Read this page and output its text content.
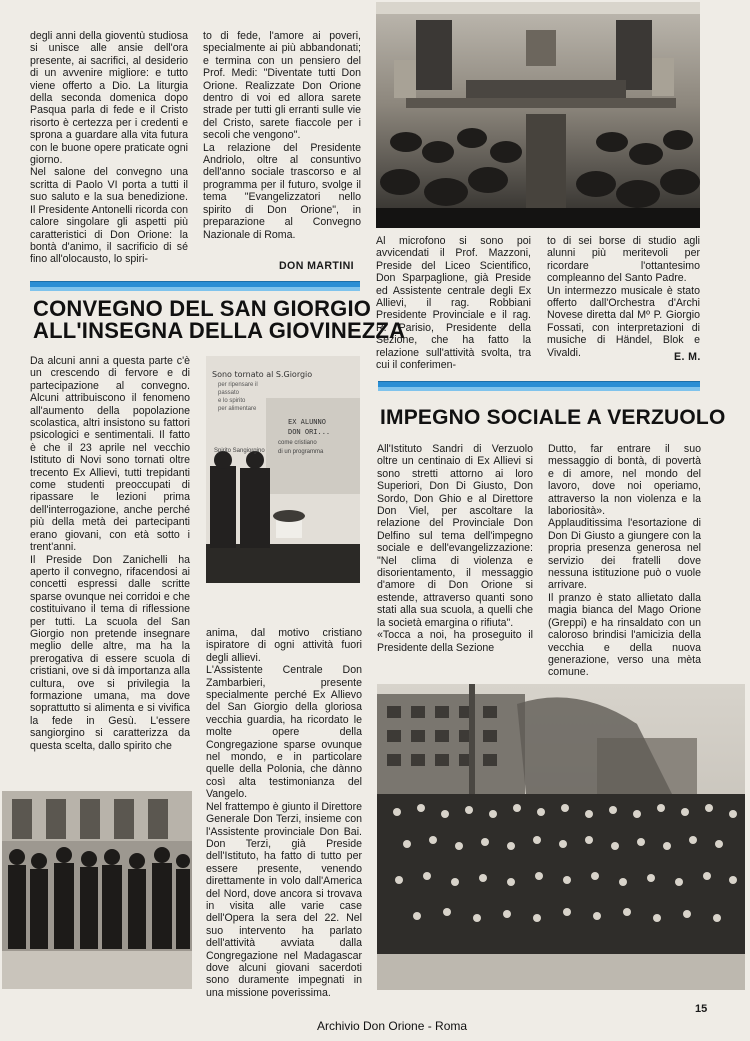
degli anni della gioventù studiosa si unisce alle ansie dell'ora presente, ai sacrifici, al desiderio di un avvenire migliore: e tutto viene offerto a Dio. La liturgia della seconda domenica dopo Pasqua parla di fede e il Cristo risorto è certezza per i credenti e sprona a guardare alla vita futura con le buone opere praticate ogni giorno.
Nel salone del convegno una scritta di Paolo VI porta a tutti il suo saluto e la sua benedizione. Il Presidente Antonelli ricorda con calore singolare gli aspetti più caratteristici di Don Orione: la bontà d'animo, il sacrificio di sé fino all'olocausto, lo spiri-

to di fede, l'amore ai poveri, specialmente ai più abbandonati; e termina con un pensiero del Prof. Medi: "Diventate tutti Don Orione. Realizzate Don Orione dentro di voi ed allora sarete strade per tutti gli erranti sulle vie del Cristo, sarete fiaccole per i secoli che vengono".
La relazione del Presidente Andriolo, oltre al consuntivo dell'anno sociale trascorso e al programma per il futuro, svolge il tema "Evangelizzatori nello spirito di Don Orione", in preparazione al Convegno Nazionale di Roma.

DON MARTINI

Al microfono si sono poi avvicendati il Prof. Mazzoni, Preside del Liceo Scientifico, Don Sparpaglione, già Preside ed Assistente centrale degli Ex Allievi, il rag. Robbiani Presidente Provinciale e il rag. R. Parisio, Presidente della Sezione, che ha fatto la relazione sull'attività svolta, tra cui il conferimen-

to di sei borse di studio agli alunni più meritevoli per ricordare l'ottantesimo compleanno del Santo Padre.
Un intermezzo musicale è stato offerto dall'Orchestra d'Archi Novese diretta dal Mº P. Giorgio Fossati, con interpretazioni di musiche di Händel, Blok e Vivaldi.	E. M.

CONVEGNO DEL SAN GIORGIO

ALL'INSEGNA DELLA GIOVINEZZA

Da alcuni anni a questa parte c'è un crescendo di fervore e di partecipazione al convegno. Alcuni attribuiscono il fenomeno all'aumento della popolazione scolastica, altri insistono su fattori psicologici e sentimentali. Il fatto è che il 23 aprile nel vecchio Istituto di Novi sono tornati oltre trecento Ex Allievi, tutti trepidanti come studenti preoccupati di ripassare le lezioni prima dell'interrogazione, anche perché più della metà dei partecipanti erano giovani, con età sotto i trent'anni.
Il Preside Don Zanichelli ha aperto il convegno, rifacendosi ai concetti espressi dalle scritte sparse ovunque nei corridoi e che costituivano il tema di riflessione per tutti. La scuola del San Giorgio non pretende insegnare meglio delle altre, ma ha la prerogativa di essere scuola di cristiani, ove si dà importanza alla cultura, ove si privilegia la formazione umana, ma dove soprattutto si alimenta e si vivifica la fede in Gesù. L'essere sangiorgino si caratterizza da questa scelta, dallo spirito che

Sono tornato al S.Giorgio
per ripensare il
passato
e lo spirito
per alimentare
Spirito Sangiorgino
EX ALUNNO
DON ORI...
come cristiano
di un programma

anima, dal motivo cristiano ispiratore di ogni attività fuori degli allievi.
L'Assistente Centrale Don Zambarbieri, presente specialmente perché Ex Allievo del San Giorgio della gloriosa vecchia guardia, ha ricordato le molte opere della Congregazione sparse ovunque nel mondo, e in particolare quelle della Polonia, che dànno così alta testimonianza del Vangelo.
Nel frattempo è giunto il Direttore Generale Don Terzi, insieme con l'Assistente provinciale Don Bai. Don Terzi, già Preside dell'Istituto, ha fatto di tutto per essere presente, venendo direttamente in volo dall'America del Nord, dove ancora si trovava in visita alle varie case dell'Opera la sera del 22. Nel suo intervento ha parlato dell'attività avviata dalla Congregazione nel Madagascar dove alcuni giovani sacerdoti sono duramente impegnati in una missione poverissima.

IMPEGNO SOCIALE A VERZUOLO

All'Istituto Sandri di Verzuolo oltre un centinaio di Ex Allievi si sono stretti attorno ai loro Superiori, Don Di Giusto, Don Sordo, Don Ghio e al Direttore Don Viel, per ascoltare la relazione del Provinciale Don Delfino sul tema dell'impegno sociale e dell'evangelizzazione: "Nel clima di violenza e disorientamento, il messaggio d'amore di Don Orione si estende, attraverso quanti sono stati alla sua scuola, a quelli che la società emargina o rifiuta".
«Tocca a noi, ha proseguito il Presidente della Sezione

Dutto, far entrare il suo messaggio di bontà, di povertà e di amore, nel mondo del lavoro, dove noi operiamo, attraverso la non violenza e la laboriosità».
Applauditissima l'esortazione di Don Di Giusto a giungere con la propria presenza generosa nel servizio dei fratelli dove nessuna istituzione può o vuole arrivare.
Il pranzo è stato allietato dalla magia bianca del Mago Orione (Greppi) e ha rinsaldato con un caloroso brindisi l'amicizia della vecchia e della nuova generazione, verso una mèta comune.

15
Archivio Don Orione - Roma
